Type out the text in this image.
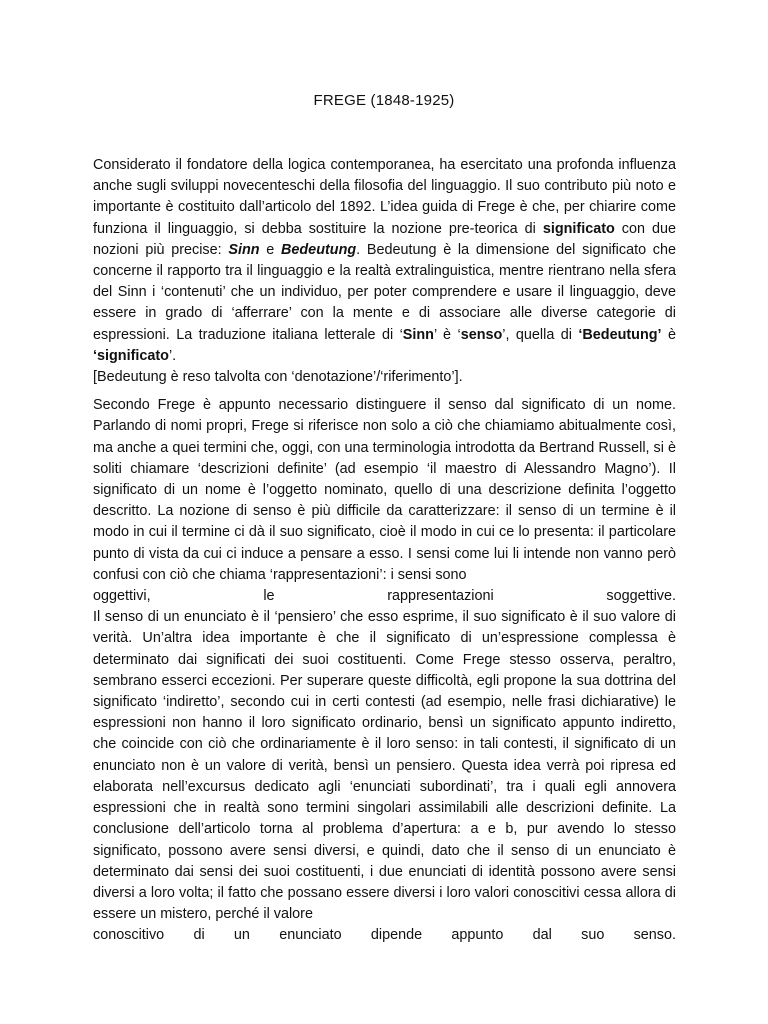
FREGE (1848-1925)

Considerato il fondatore della logica contemporanea, ha esercitato una profonda influenza anche sugli sviluppi novecenteschi della filosofia del linguaggio. Il suo contributo più noto e importante è costituito dall’articolo del 1892. L’idea guida di Frege è che, per chiarire come funziona il linguaggio, si debba sostituire la nozione pre-teorica di significato con due nozioni più precise: Sinn e Bedeutung. Bedeutung è la dimensione del significato che concerne il rapporto tra il linguaggio e la realtà extralinguistica, mentre rientrano nella sfera del Sinn i ‘contenuti’ che un individuo, per poter comprendere e usare il linguaggio, deve essere in grado di ‘afferrare’ con la mente e di associare alle diverse categorie di espressioni. La traduzione italiana letterale di ‘Sinn’ è ‘senso’, quella di ‘Bedeutung’ è ‘significato’.

[Bedeutung è reso talvolta con ‘denotazione’/‘riferimento’].

Secondo Frege è appunto necessario distinguere il senso dal significato di un nome. Parlando di nomi propri, Frege si riferisce non solo a ciò che chiamiamo abitualmente così, ma anche a quei termini che, oggi, con una terminologia introdotta da Bertrand Russell, si è soliti chiamare ‘descrizioni definite’ (ad esempio ‘il maestro di Alessandro Magno’). Il significato di un nome è l’oggetto nominato, quello di una descrizione definita l’oggetto descritto. La nozione di senso è più difficile da caratterizzare: il senso di un termine è il modo in cui il termine ci dà il suo significato, cioè il modo in cui ce lo presenta: il particolare punto di vista da cui ci induce a pensare a esso. I sensi come lui li intende non vanno però confusi con ciò che chiama ‘rappresentazioni’: i sensi sono

oggettivi, le rappresentazioni soggettive.

Il senso di un enunciato è il ‘pensiero’ che esso esprime, il suo significato è il suo valore di verità. Un’altra idea importante è che il significato di un’espressione complessa è determinato dai significati dei suoi costituenti. Come Frege stesso osserva, peraltro, sembrano esserci eccezioni. Per superare queste difficoltà, egli propone la sua dottrina del significato ‘indiretto’, secondo cui in certi contesti (ad esempio, nelle frasi dichiarative) le espressioni non hanno il loro significato ordinario, bensì un significato appunto indiretto, che coincide con ciò che ordinariamente è il loro senso: in tali contesti, il significato di un enunciato non è un valore di verità, bensì un pensiero. Questa idea verrà poi ripresa ed elaborata nell’excursus dedicato agli ‘enunciati subordinati’, tra i quali egli annovera espressioni che in realtà sono termini singolari assimilabili alle descrizioni definite. La conclusione dell’articolo torna al problema d’apertura: a e b, pur avendo lo stesso significato, possono avere sensi diversi, e quindi, dato che il senso di un enunciato è determinato dai sensi dei suoi costituenti, i due enunciati di identità possono avere sensi diversi a loro volta; il fatto che possano essere diversi i loro valori conoscitivi cessa allora di essere un mistero, perché il valore

conoscitivo di un enunciato dipende appunto dal suo senso.
